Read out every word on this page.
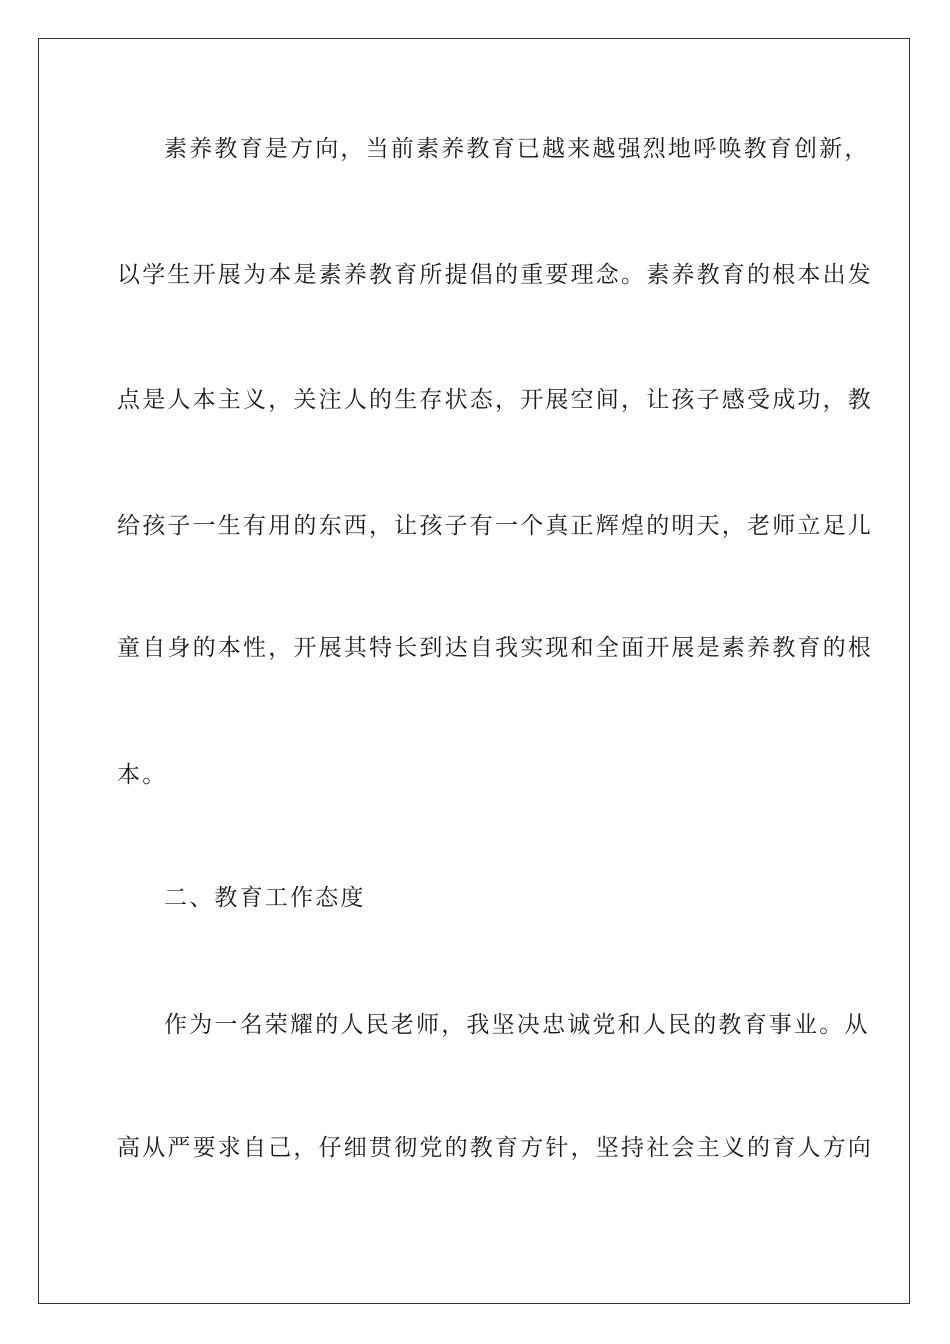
素养教育是方向，当前素养教育已越来越强烈地呼唤教育创新，
以学生开展为本是素养教育所提倡的重要理念。素养教育的根本出发
点是人本主义，关注人的生存状态，开展空间，让孩子感受成功，教
给孩子一生有用的东西，让孩子有一个真正辉煌的明天，老师立足儿
童自身的本性，开展其特长到达自我实现和全面开展是素养教育的根
本。
二、教育工作态度
作为一名荣耀的人民老师，我坚决忠诚党和人民的教育事业。从
高从严要求自己，仔细贯彻党的教育方针，坚持社会主义的育人方向
